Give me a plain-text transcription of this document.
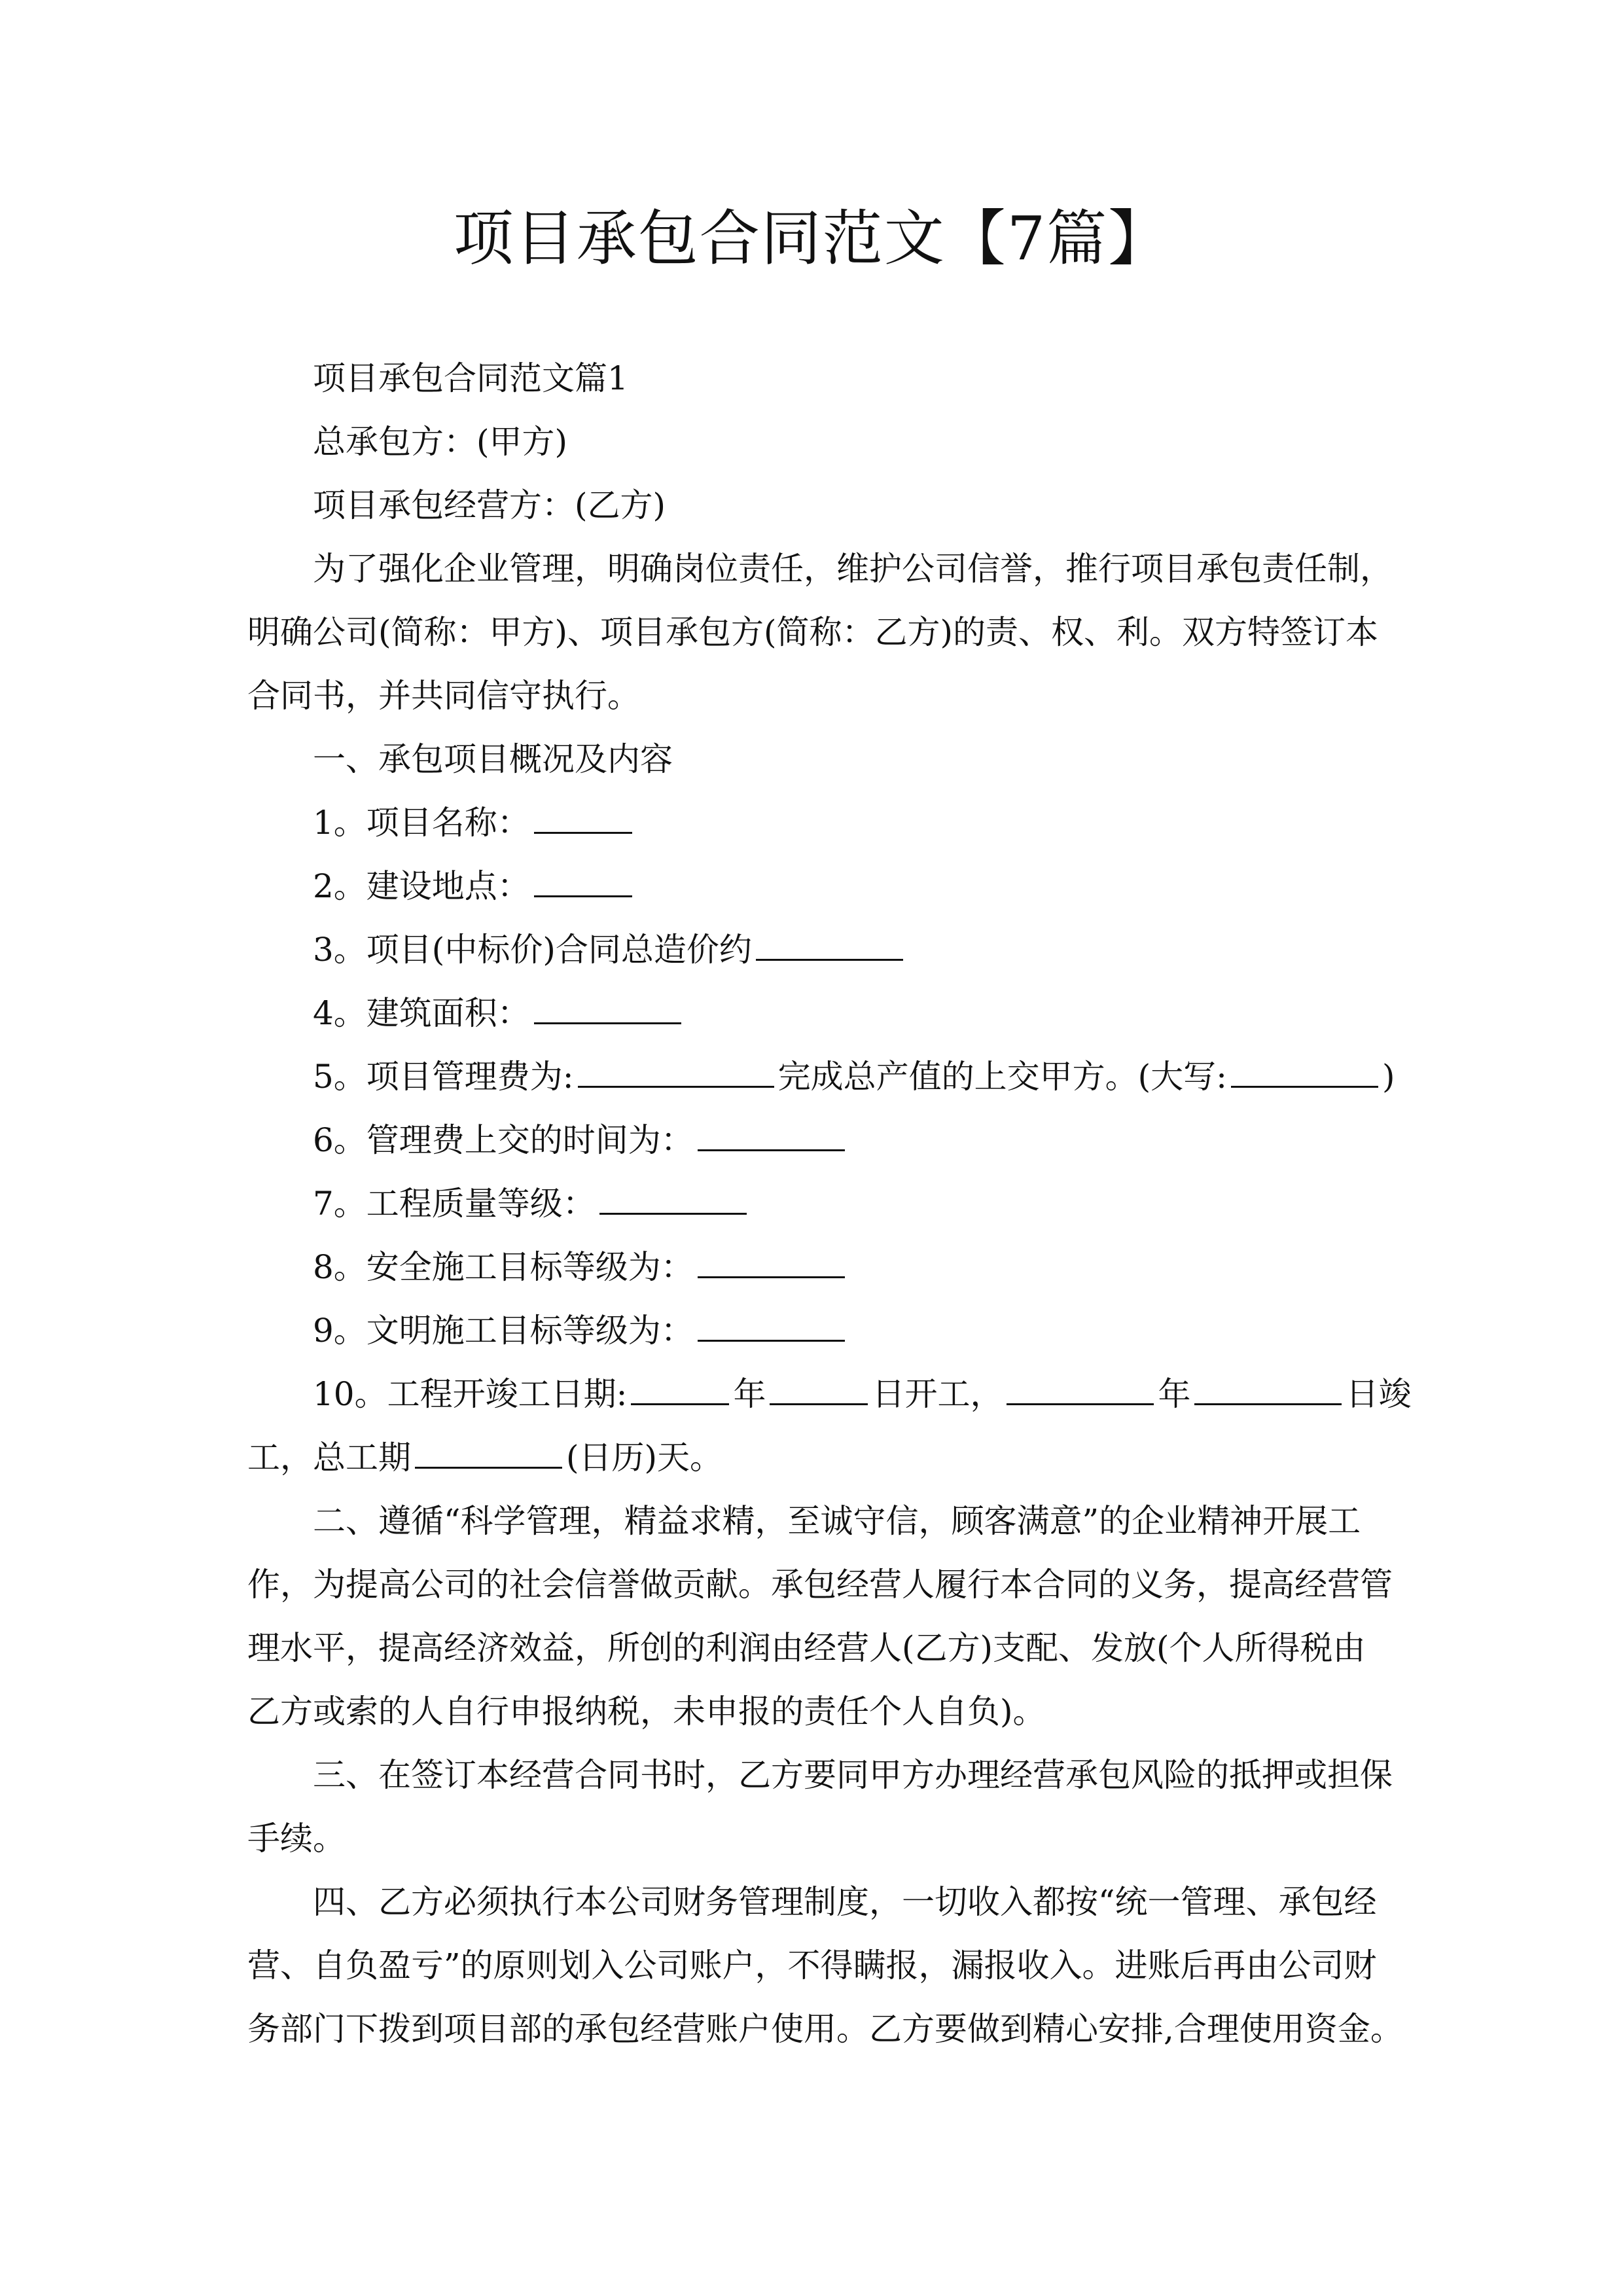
项目承包合同范文【7篇】

项目承包合同范文篇1

总承包方：(甲方)

项目承包经营方：(乙方)

为了强化企业管理，明确岗位责任，维护公司信誉，推行项目承包责任制，

明确公司(简称：甲方)、项目承包方(简称：乙方)的责、权、利。双方特签订本

合同书，并共同信守执行。

一、承包项目概况及内容

1。项目名称：

2。建设地点：

3。项目(中标价)合同总造价约

4。建筑面积：

5。项目管理费为:	完成总产值的上交甲方。(大写:	)

6。管理费上交的时间为：

7。工程质量等级：

8。安全施工目标等级为：

9。文明施工目标等级为：

10。工程开竣工日期:	年	日开工，	年	日竣

工，总工期	(日历)天。

二、遵循“科学管理，精益求精，至诚守信，顾客满意”的企业精神开展工

作，为提高公司的社会信誉做贡献。承包经营人履行本合同的义务，提高经营管

理水平，提高经济效益，所创的利润由经营人(乙方)支配、发放(个人所得税由

乙方或索的人自行申报纳税，未申报的责任个人自负)。

三、在签订本经营合同书时，乙方要同甲方办理经营承包风险的抵押或担保

手续。

四、乙方必须执行本公司财务管理制度，一切收入都按“统一管理、承包经

营、自负盈亏”的原则划入公司账户，不得瞒报，漏报收入。进账后再由公司财

务部门下拨到项目部的承包经营账户使用。乙方要做到精心安排,合理使用资金。
